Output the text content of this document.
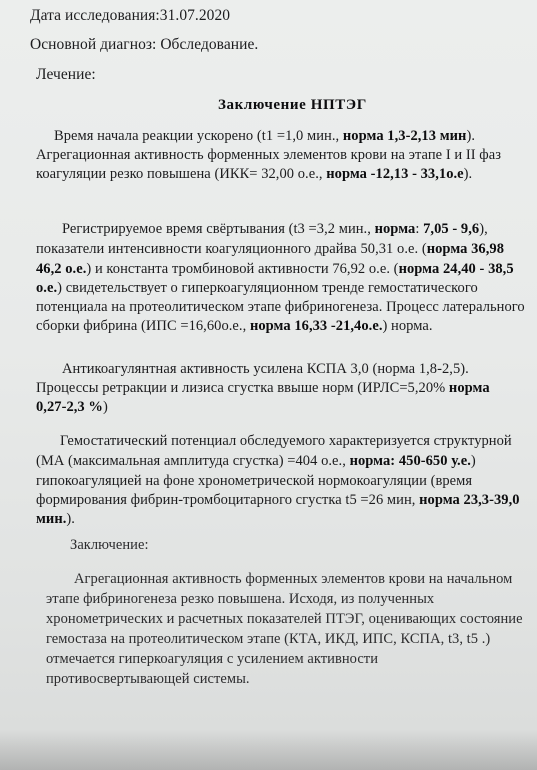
Дата исследования:31.07.2020
Основной диагноз: Обследование.
Лечение:
Заключение НПТЭГ
Время начала реакции ускорено (t1 =1,0 мин., норма 1,3-2,13 мин).
Агрегационная активность форменных элементов крови на этапе I и II фаз
коагуляции резко повышена (ИКК= 32,00 о.е., норма -12,13 - 33,1о.е).
Регистрируемое время свёртывания (t3 =3,2 мин., норма: 7,05 - 9,6),
показатели интенсивности коагуляционного драйва 50,31 о.е. (норма 36,98
46,2 о.е.) и константа тромбиновой активности 76,92 о.е. (норма 24,40 - 38,5
о.е.) свидетельствует о гиперкоагуляционном тренде гемостатического
потенциала на протеолитическом этапе фибриногенеза. Процесс латерального
сборки фибрина (ИПС =16,60о.е., норма 16,33 -21,4о.е.) норма.
Антикоагулянтная активность усилена КСПА 3,0 (норма 1,8-2,5).
Процессы ретракции и лизиса сгустка ввыше норм (ИРЛС=5,20% норма
0,27-2,3 %)
Гемостатический потенциал обследуемого характеризуется структурной
(МА (максимальная амплитуда сгустка) =404 о.е., норма: 450-650 у.е.)
гипокоагуляцией на фоне хронометрической нормокоагуляции (время
формирования фибрин-тромбоцитарного сгустка t5 =26 мин, норма 23,3-39,0
мин.).
Заключение:
Агрегационная активность форменных элементов крови на начальном
этапе фибриногенеза резко повышена. Исходя, из полученных
хронометрических и расчетных показателей ПТЭГ, оценивающих состояние
гемостаза на протеолитическом этапе (КТА, ИКД, ИПС, КСПА, t3, t5 .)
отмечается гиперкоагуляция с усилением активности
противосвертывающей системы.
